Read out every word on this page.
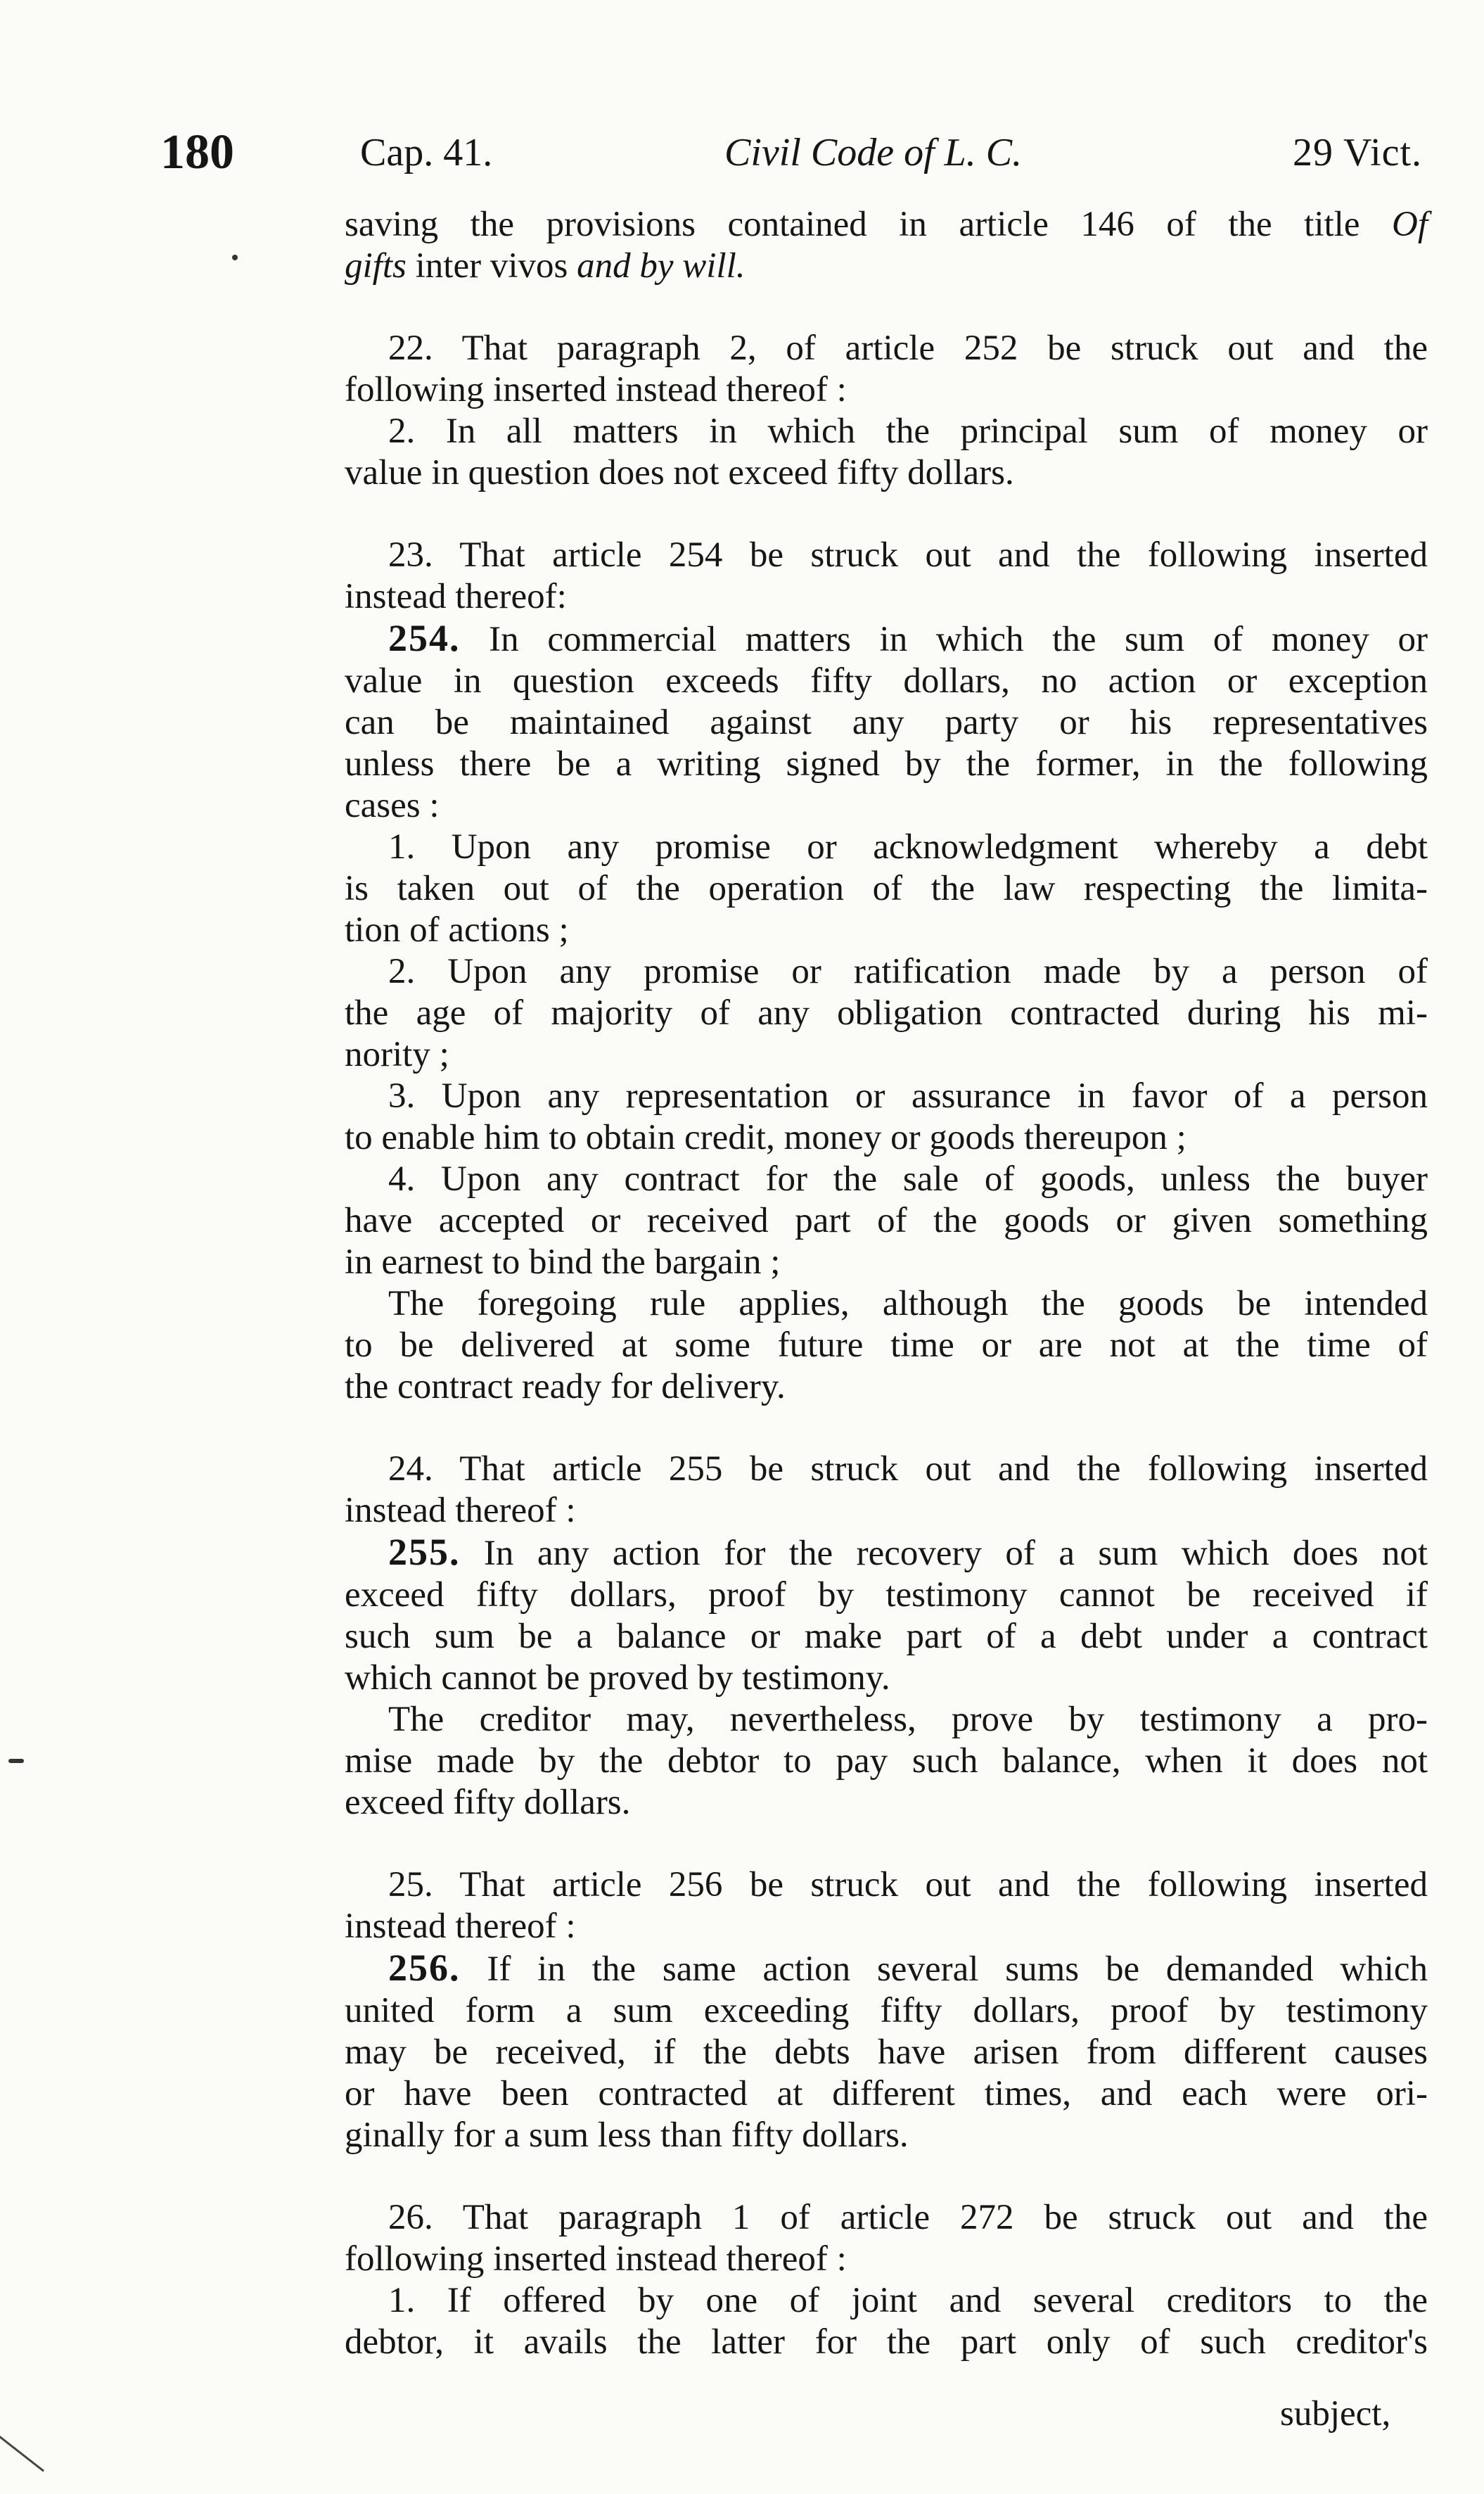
180	Cap. 41.	Civil Code of L. C.	29 Vict.
saving the provisions contained in article 146 of the title Of
gifts inter vivos and by will.
22. That paragraph 2, of article 252 be struck out and the
following inserted instead thereof :
2. In all matters in which the principal sum of money or
value in question does not exceed fifty dollars.
23. That article 254 be struck out and the following inserted
instead thereof:
254. In commercial matters in which the sum of money or
value in question exceeds fifty dollars, no action or exception
can be maintained against any party or his representatives
unless there be a writing signed by the former, in the following
cases :
1. Upon any promise or acknowledgment whereby a debt
is taken out of the operation of the law respecting the limita-
tion of actions ;
2. Upon any promise or ratification made by a person of
the age of majority of any obligation contracted during his mi-
nority ;
3. Upon any representation or assurance in favor of a person
to enable him to obtain credit, money or goods thereupon ;
4. Upon any contract for the sale of goods, unless the buyer
have accepted or received part of the goods or given something
in earnest to bind the bargain ;
The foregoing rule applies, although the goods be intended
to be delivered at some future time or are not at the time of
the contract ready for delivery.
24. That article 255 be struck out and the following inserted
instead thereof :
255. In any action for the recovery of a sum which does not
exceed fifty dollars, proof by testimony cannot be received if
such sum be a balance or make part of a debt under a contract
which cannot be proved by testimony.
The creditor may, nevertheless, prove by testimony a pro-
mise made by the debtor to pay such balance, when it does not
exceed fifty dollars.
25. That article 256 be struck out and the following inserted
instead thereof :
256. If in the same action several sums be demanded which
united form a sum exceeding fifty dollars, proof by testimony
may be received, if the debts have arisen from different causes
or have been contracted at different times, and each were ori-
ginally for a sum less than fifty dollars.
26. That paragraph 1 of article 272 be struck out and the
following inserted instead thereof :
1. If offered by one of joint and several creditors to the
debtor, it avails the latter for the part only of such creditor's
subject,
